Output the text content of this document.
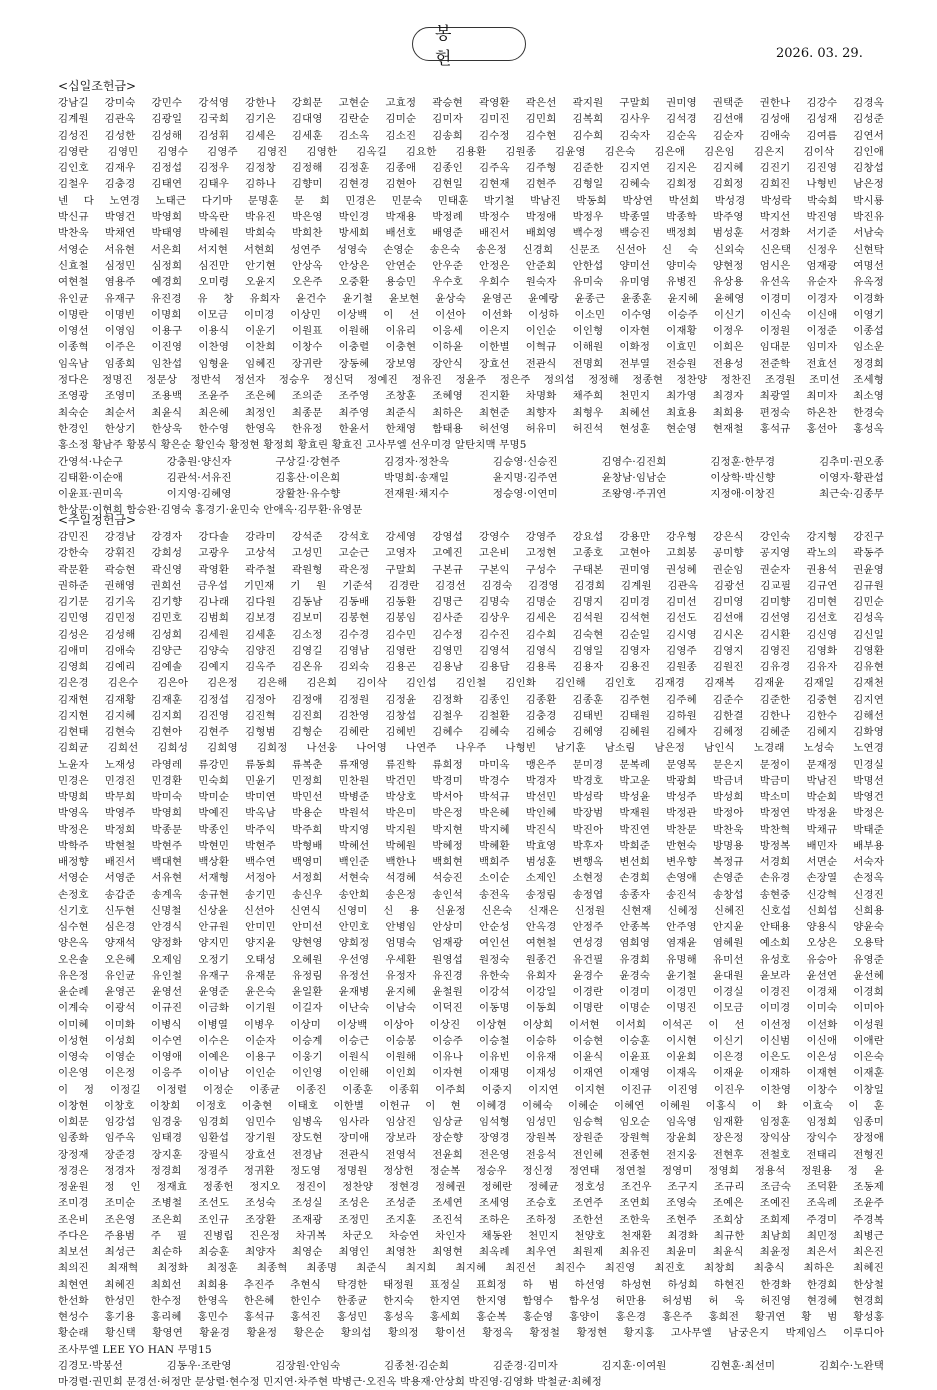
봉 헌	2026. 03. 29.
<십일조헌금>
강남길 강미숙 강민수 강석영 강한나 강회문 고현순 고효정 곽승현 곽영환 곽은선 곽지원 구말희 권미영 권택준 권한나 김강수 김경옥
김계원 김관옥 김광일 김국희 김기은 김대영 김란순 김미순 김미자 김미진 김민희 김복희 김사우 김석경 김선애 김성애 김성재 김성준
김성진 김성한 김성해 김성휘 김세은 김세훈 김소옥 김소진 김송희 김수정 김수현 김수희 김숙자 김순옥 김순자 김애숙 김여름 김연서
김영란 김영민 김영수 김영주 김영진 김영한 김옥길 김요한 김용환 김원종 김윤영 김은숙 김은애 김은임 김은지 김이삭 김인애
김인호 김재우 김정섭 김정우 김정창 김정해 김정훈 김종애 김종인 김주옥 김주형 김준한 김지연 김지은 김지혜 김진기 김진영 김창섭
김철우 김충경 김태연 김태우 김하나 김향미 김현경 김현아 김현일 김현재 김현주 김형일 김혜숙 김회정 김희정 김희진 나형빈 남은정
넨 다 노연경 노태근 다기마 문명훈 문 희 민경은 민문숙 민태훈 박기철 박남진 박동희 박상연 박선희 박성경 박성락 박숙희 박시룡
박신규 박영건 박영희 박옥란 박유진 박은영 박인경 박재용 박정례 박정수 박정애 박정우 박종열 박종학 박주영 박지선 박진영 박진유
박찬욱 박채연 박태영 박혜원 박희숙 박희찬 방세희 배선호 배영준 배진서 배희영 백수정 백승진 백정희 범성훈 서경화 서기준 서남숙
서영순 서유현 서은희 서지현 서현희 성연주 성영숙 손영순 송은숙 송은정 신경희 신문조 신선아 신 숙 신외숙 신은택 신정우 신현탁
신효철 심정민 심정희 심진만 안기현 안상옥 안상은 안연순 안우준 안정은 안준희 안한섭 양미선 양미숙 양현정 엄시은 엄재광 여명선
여현철 염용주 예경희 오미령 오윤지 오은주 오중환 용승민 우수호 우희수 원숙자 유미숙 유미영 유병진 유상용 유선옥 유순자 유옥정
유인균 유재구 유진경 유 창 유희자 윤건수 윤기철 윤보현 윤상숙 윤영곤 윤예랑 윤종근 윤종훈 윤지혜 윤혜영 이경미 이경자 이경화
이명란 이명빈 이명희 이모금 이미경 이상민 이상백 이 선 이선아 이선화 이성하 이소민 이수영 이승주 이신기 이신숙 이신애 이영기
이영선 이영임 이용구 이용식 이운기 이원표 이원해 이유리 이응세 이은지 이인순 이인형 이자현 이재황 이정우 이정원 이정준 이종섭
이종혁 이주은 이진영 이찬영 이찬희 이창수 이충렬 이충현 이하윤 이한별 이혁규 이해원 이화정 이효민 이희은 임대문 임미자 임소운
임옥남 임종희 임찬섭 임형윤 임혜진 장귀란 장동혜 장보영 장안식 장효선 전관식 전명희 전부열 전승원 전용성 전준학 전효선 정경희
정다은 정명진 정문상 정반석 정선자 정승우 정신덕 정예진 정유진 정윤주 정은주 정의섭 정정해 정종현 정찬양 정찬진 조경원 조미선 조세형
조영광 조영미 조용백 조윤주 조은혜 조의준 조주영 조창훈 조혜영 진지환 차명화 채주희 천민지 최가영 최경자 최광열 최미자 최소영
최숙순 최순서 최윤식 최은혜 최정인 최종문 최주영 최준식 최하은 최현준 최향자 최형우 최혜선 최효용 최희용 편정숙 하온찬 한경숙
한경인 한상기 한상욱 한수영 한영옥 한유정 한윤서 한채영 함태용 허선영 허유미 허진석 현성훈 현순영 현재철 홍석규 홍선아 홍성옥
홍소정 황남주 황봉식 황은순 황인숙 황정현 황정희 황효린 황효진 고사무엘 선우미경 알탄치맥 무명5
간영석·나순구 강충원·양신자 구상길·강현주 김경자·정찬욱 김승영·신승진 김영수·김진희 김정훈·한무경 김추미·권오종
김태환·이순애 김관석·서유진 김홍산·이은희 박명희·송재일 윤지명·김주연 윤창남·임남순 이상학·박신향 이영자·황관섭
이윤표·권미옥 이지영·김혜영 장활찬·유수향 전재원·채지수 정승영·이연미 조왕영·주귀연 지정애·이창진 최근숙·김종무
한상문·이현희 함승완·김영숙 홍경기·윤민숙 안애옥·김무환·유영문
<주일정헌금>
감민진 강경남 강경자 강다솔 강라미 강석준 강석호 강세영 강영섭 강영수 강영주 강요섭 강용만 강우형 강은식 강인숙 강지형 강진구
강한숙 강휘진 강희성 고광우 고상석 고성민 고순근 고영자 고예진 고은비 고정현 고종호 고현아 고희봉 공미향 공지영 곽노의 곽동주
곽문환 곽승현 곽신영 곽영환 곽주철 곽원형 곽은정 구말희 구본규 구본익 구성수 구태본 권미영 권성혜 권순임 권순자 권용석 권윤영
권하준 권해영 권희선 금우섭 기민재 기 원 기준석 김경란 김경선 김경숙 김경영 김경희 김계원 김관옥 김광선 김교필 김규연 김규원
김기문 김기옥 김기향 김나래 김다원 김동남 김동배 김동환 김명근 김명숙 김명순 김명지 김미경 김미선 김미영 김미향 김미현 김민순
김민영 김민정 김민호 김범희 김보경 김보미 김봉현 김봉임 김사준 김상우 김세은 김석원 김석현 김선도 김선애 김선영 김선호 김성옥
김성은 김성해 김성희 김세원 김세훈 김소정 김수경 김수민 김수정 김수진 김수희 김숙현 김순일 김시영 김시온 김시환 김신영 김신일
김애미 김애숙 김양근 김양숙 김양진 김영길 김영남 김영란 김영민 김영석 김영식 김영일 김영자 김영주 김영지 김영진 김영화 김영환
김영희 김예리 김예솔 김예지 김옥주 김온유 김외숙 김용곤 김용남 김용담 김용록 김용자 김용진 김원종 김원진 김유경 김유자 김유현
김은경 김은수 김은아 김은정 김은해 김은희 김이삭 김인섭 김인철 김인화 김인해 김인호 김재경 김재복 김재윤 김재일 김재천
김재현 김재황 김재훈 김정섭 김정아 김정애 김정원 김정윤 김정화 김종인 김종환 김종훈 김주현 김주혜 김준수 김준한 김중현 김지연
김지현 김지혜 김지희 김진영 김진혁 김진희 김찬영 김창섭 김철우 김철환 김충경 김태빈 김태원 김하원 김한결 김한나 김한수 김해선
김현태 김현숙 김현아 김현주 김형범 김형순 김혜란 김혜빈 김혜수 김혜숙 김혜승 김혜영 김혜원 김혜자 김혜정 김혜준 김혜지 김화영
김희균 김희선 김희성 김희영 김희정 나선웅 나어영 나연주 나우주 나형빈 남기훈 남소림 남은정 남인식 노경래 노성숙 노연경
노윤자 노재성 라영레 류강민 류동희 류복춘 류재영 류진학 류희정 마미옥 맹은주 문미경 문복례 문영목 문은지 문정이 문재정 민경실
민경은 민경진 민경환 민숙희 민윤기 민정희 민찬원 박건민 박경미 박경수 박경자 박경호 박고운 박광희 박금녀 박금미 박남진 박명선
박명희 박무희 박미숙 박미순 박미연 박민선 박병준 박상호 박서아 박석규 박선민 박성락 박성윤 박성주 박성희 박소미 박순희 박영건
박영옥 박영주 박영희 박예진 박옥남 박용순 박원석 박은미 박은정 박은혜 박인혜 박장범 박재원 박정관 박정아 박정연 박정윤 박정은
박정은 박정희 박종문 박종인 박주익 박주희 박지영 박지원 박지현 박지혜 박진식 박진아 박진연 박찬문 박찬욱 박찬혁 박채규 박태준
박학주 박현철 박현주 박현민 박현주 박형배 박혜선 박혜원 박혜정 박혜환 박효영 박후자 박희준 반현숙 방명용 방정복 배민자 배부용
배정향 배진서 백대현 백상환 백수연 백영미 백인준 백한나 백희현 백희주 범성훈 변행옥 변선희 변우향 복정규 서경희 서면순 서숙자
서영순 서영준 서유현 서재형 서정아 서정희 서현숙 석경혜 석승진 소이순 소제인 소현정 손경희 손영애 손영준 손유경 손장열 손정옥
손정호 송갑준 송계옥 송규현 송기민 송신우 송안희 송은정 송인석 송전옥 송정림 송정엽 송종자 송진석 송창섭 송현중 신강혁 신경진
신기호 신두현 신명철 신상윤 신선아 신연식 신영미 신 용 신윤정 신은숙 신재은 신정원 신현재 신혜정 신혜진 신호섭 신희섭 신희용
심수현 심은경 안경식 안규원 안미민 안미선 안민호 안병임 안상미 안순성 안옥경 안정주 안종복 안주영 안지윤 안태용 양용식 양윤숙
양은옥 양재석 양정화 양지민 양지윤 양현영 양희정 엄명숙 엄재광 여인선 여현철 연성경 염희영 염재윤 염혜원 예소희 오상은 오용탁
오은솔 오은혜 오제임 오정기 오태성 오혜원 우선영 우세환 원영섭 원정숙 원종건 유건필 유경희 유명해 유미선 유성호 유승아 유영준
유은정 유인균 유인철 유재구 유재문 유정림 유정선 유정자 유진경 유한숙 유희자 윤경수 윤경숙 윤기철 윤대원 윤보라 윤선연 윤선혜
윤순례 윤영곤 윤영선 윤영준 윤은숙 윤일환 윤재병 윤지혜 윤철원 이강석 이강일 이경란 이경미 이경민 이경실 이경진 이경채 이경희
이계숙 이광석 이규진 이금화 이기원 이길자 이난숙 이남숙 이덕진 이동명 이동희 이명란 이명순 이명진 이모금 이미경 이미숙 이미아
이미혜 이미화 이병식 이병열 이병우 이상미 이상백 이상아 이상진 이상현 이상희 이서현 이서희 이석곤 이 선 이선정 이선화 이성원
이성현 이성희 이수연 이수은 이순자 이승계 이승근 이승봉 이승주 이승철 이승하 이승현 이승훈 이시현 이신기 이신범 이신애 이애란
이영숙 이영순 이영애 이예은 이용구 이웅기 이원식 이원해 이유나 이유빈 이유재 이윤식 이윤표 이윤희 이은경 이은도 이은성 이은숙
이은영 이은정 이응주 이이남 이인순 이인영 이인해 이인희 이자현 이재명 이재성 이재연 이재영 이재옥 이재윤 이재하 이재현 이재훈
이 정 이정길 이정렬 이정순 이종균 이종진 이종훈 이종휘 이주희 이중지 이지연 이지현 이진규 이진영 이진우 이찬영 이창수 이창일
이창현 이창호 이창희 이정호 이충현 이태호 이한별 이헌규 이 현 이혜경 이혜숙 이혜순 이혜연 이혜원 이홍식 이 화 이효숙 이 훈
이희문 임강섭 임경웅 임경희 임민수 임병옥 임사라 임삼진 임상균 임석형 임성민 임승혁 임오순 임옥영 임재환 임정훈 임정희 임종미
임종화 임주옥 임태경 임환섭 장기원 장도현 장미애 장보라 장순향 장영경 장원복 장원준 장원혁 장윤희 장은정 장익삼 장익수 장정애
장정재 장준경 장지훈 장필식 장효선 전경남 전관식 전영석 전윤희 전은영 전응석 전인혜 전종현 전지웅 전현후 전철호 전태리 전형진
정경은 정경자 정경희 정경주 정귀환 정도영 정명원 정상헌 정순복 정승우 정신정 정연태 정연철 정영미 정영희 정용석 정원용 정 윤
정윤원 정 인 정재효 정종헌 정지오 정진이 정찬양 정현경 정혜권 정혜란 정혜균 정호성 조건우 조구지 조규리 조금숙 조덕환 조동제
조미경 조미순 조병철 조선도 조성숙 조성실 조성은 조성준 조세연 조세영 조승호 조연주 조연희 조영숙 조예은 조예진 조옥례 조윤주
조은비 조은영 조은희 조인규 조장환 조재광 조정민 조지훈 조진석 조하은 조하정 조한선 조한욱 조현주 조희상 조희제 주경미 주경복
주다은 주용범 주 필 진병립 진은정 차귀복 차군오 차승연 차인자 채동완 천민지 천양호 천재환 최경화 최규한 최남희 최민정 최병근
최보선 최성근 최순하 최승훈 최양자 최영순 최영인 최영찬 최영현 최옥례 최우연 최원제 최유진 최윤미 최윤식 최윤정 최은서 최은진
최의진 최재혁 최정화 최정훈 최종혁 최종명 최준식 최지희 최지혜 최진선 최진수 최진영 최진호 최창희 최충식 최하은 최혜진
최현연 최혜진 최희선 최희용 추진주 추현식 탁경한 태정원 표정실 표희정 하 범 하선영 하성현 하성희 하현진 한경화 한경희 한상철
한선화 한성민 한수정 한영옥 한은혜 한인수 한종균 한지숙 한지연 한지영 함영수 함우성 허만용 허성범 허 욱 허진영 현경혜 현경희
현성수 홍기용 홍리혜 홍민수 홍석규 홍석진 홍성민 홍성옥 홍세희 홍순복 홍순영 홍양이 홍은경 홍은주 홍희전 황귀연 황 범 황성홍
황순래 황신택 황영연 황윤경 황윤정 황은순 황의섭 황의정 황이선 황정옥 황정철 황정현 황지홍 고사무엘 남궁은지 박제임스 이루디아
조사무엘 LEE YO HAN 무명15
김경모·박봉선 김동우·조란영 김장원·안임숙 김종천·김순희 김준경·김미자 김지훈·이여원 김현훈·최선미 김희수·노완택
마경렬·권민희 문경선·허정만 문상렬·현수정 민지연·차주현 박병근·오진옥 박용재·안상희 박진영·김영화 박철균·최혜정
